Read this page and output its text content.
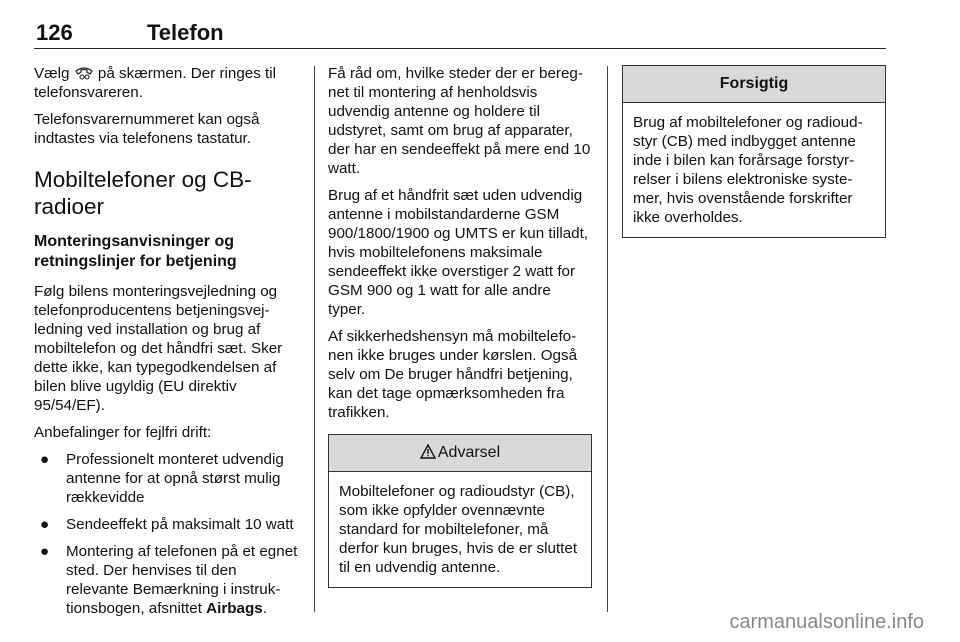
126	Telefon

Vælg  på skærmen. Der ringes til telefonsvareren.

Telefonsvarernummeret kan også indtastes via telefonens tastatur.

Mobiltelefoner og CB-radioer
Monteringsanvisninger og retningslinjer for betjening

Følg bilens monteringsvejledning og telefonproducentens betjeningsvejledning ved installation og brug af mobiltelefon og det håndfri sæt. Sker dette ikke, kan typegodkendelsen af bilen blive ugyldig (EU direktiv 95/54/EF).

Anbefalinger for fejlfri drift:

● Professionelt monteret udvendig antenne for at opnå størst mulig rækkevidde
● Sendeeffekt på maksimalt 10 watt
● Montering af telefonen på et egnet sted. Der henvises til den relevante Bemærkning i instruktionsbogen, afsnittet Airbags.

Få råd om, hvilke steder der er beregnet til montering af henholdsvis udvendig antenne og holdere til udstyret, samt om brug af apparater, der har en sendeeffekt på mere end 10 watt.

Brug af et håndfrit sæt uden udvendig antenne i mobilstandarderne GSM 900/1800/1900 og UMTS er kun tilladt, hvis mobiltelefonens maksimale sendeeffekt ikke overstiger 2 watt for GSM 900 og 1 watt for alle andre typer.

Af sikkerhedshensyn må mobiltelefonen ikke bruges under kørslen. Også selv om De bruger håndfri betjening, kan det tage opmærksomheden fra trafikken.

Advarsel
Mobiltelefoner og radioudstyr (CB), som ikke opfylder ovennævnte standard for mobiltelefoner, må derfor kun bruges, hvis de er sluttet til en udvendig antenne.
Forsigtig
Brug af mobiltelefoner og radioudstyr (CB) med indbygget antenne inde i bilen kan forårsage forstyrrelser i bilens elektroniske systemer, hvis ovenstående forskrifter ikke overholdes.
carmanualsonline.info
